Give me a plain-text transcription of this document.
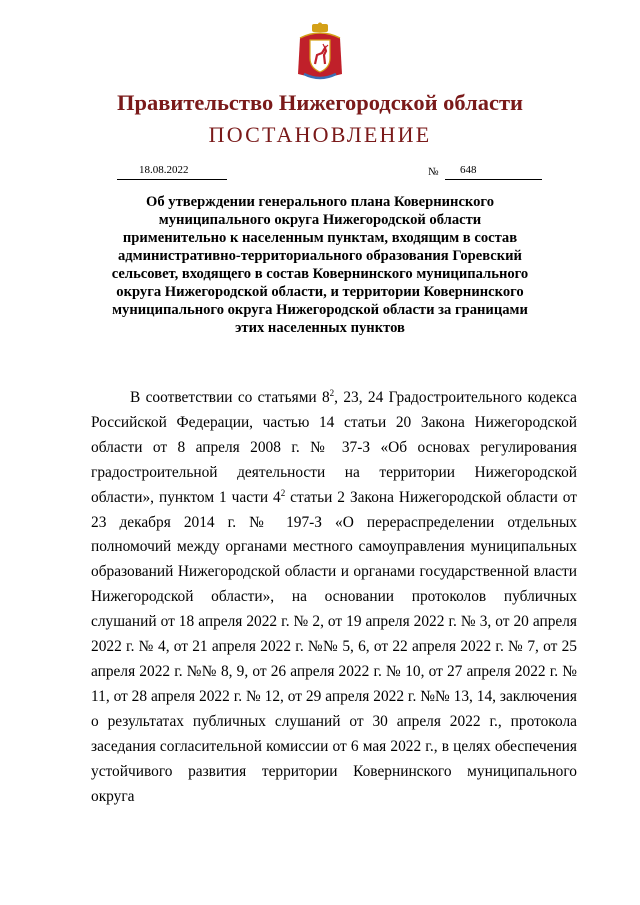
Правительство Нижегородской области
ПОСТАНОВЛЕНИЕ
18.08.2022	№ 648
Об утверждении генерального плана Ковернинского муниципального округа Нижегородской области применительно к населенным пунктам, входящим в состав административно-территориального образования Горевский сельсовет, входящего в состав Ковернинского муниципального округа Нижегородской области, и территории Ковернинского муниципального округа Нижегородской области за границами этих населенных пунктов

В соответствии со статьями $8^2$, 23, 24 Градостроительного кодекса Российской Федерации, частью 14 статьи 20 Закона Нижегородской области от 8 апреля 2008 г. № 37-З «Об основах регулирования градостроительной деятельности на территории Нижегородской области», пунктом 1 части $4^2$ статьи 2 Закона Нижегородской области от 23 декабря 2014 г. № 197-З «О перераспределении отдельных полномочий между органами местного самоуправления муниципальных образований Нижегородской области и органами государственной власти Нижегородской области», на основании протоколов публичных слушаний от 18 апреля 2022 г. № 2, от 19 апреля 2022 г. № 3, от 20 апреля 2022 г. № 4, от 21 апреля 2022 г. №№ 5, 6, от 22 апреля 2022 г. № 7, от 25 апреля 2022 г. №№ 8, 9, от 26 апреля 2022 г. № 10, от 27 апреля 2022 г. № 11, от 28 апреля 2022 г. № 12, от 29 апреля 2022 г. №№ 13, 14, заключения о результатах публичных слушаний от 30 апреля 2022 г., протокола заседания согласительной комиссии от 6 мая 2022 г., в целях обеспечения устойчивого развития территории Ковернинского муниципального округа
